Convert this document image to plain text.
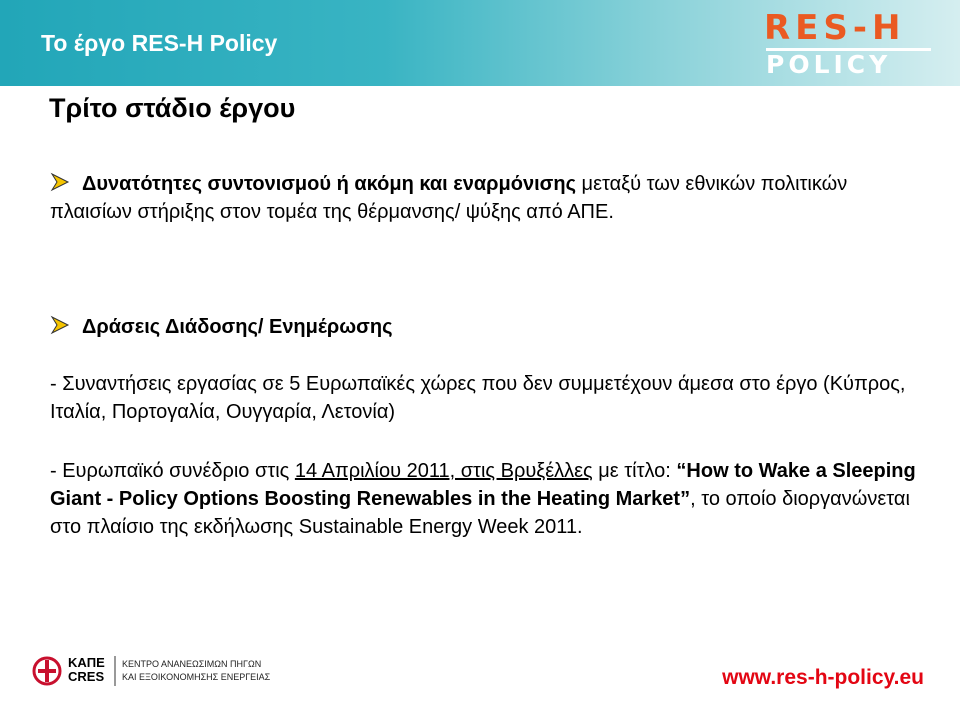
Το έργο RES-H Policy	RES-H
POLICY
Τρίτο στάδιο έργου
Δυνατότητες συντονισμού ή ακόμη και εναρμόνισης μεταξύ των εθνικών πολιτικών πλαισίων στήριξης στον τομέα της θέρμανσης/ ψύξης από ΑΠΕ.
Δράσεις Διάδοσης/ Ενημέρωσης
- Συναντήσεις εργασίας σε 5 Ευρωπαϊκές χώρες που δεν συμμετέχουν άμεσα στο έργο (Κύπρος, Ιταλία, Πορτογαλία, Ουγγαρία, Λετονία)
- Ευρωπαϊκό συνέδριο στις 14 Απριλίου 2011, στις Βρυξέλλες με τίτλο: “How to Wake a Sleeping Giant - Policy Options Boosting Renewables in the Heating Market”, το οποίο διοργανώνεται στο πλαίσιο της εκδήλωσης Sustainable Energy Week 2011.
ΚΑΠΕ
CRES
ΚΕΝΤΡΟ ΑΝΑΝΕΩΣΙΜΩΝ ΠΗΓΩΝ
ΚΑΙ ΕΞΟΙΚΟΝΟΜΗΣΗΣ ΕΝΕΡΓΕΙΑΣ	www.res-h-policy.eu
